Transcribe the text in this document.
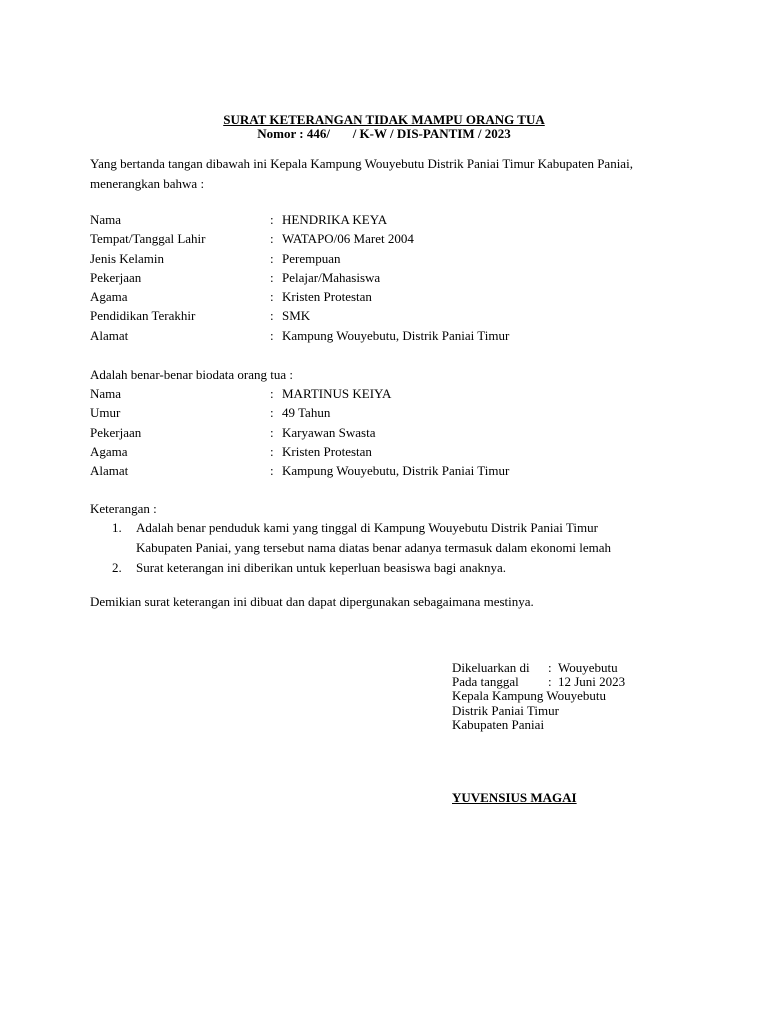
SURAT KETERANGAN TIDAK MAMPU ORANG TUA
Nomor : 446/       / K-W / DIS-PANTIM / 2023
Yang bertanda tangan dibawah ini Kepala Kampung Wouyebutu Distrik Paniai Timur Kabupaten Paniai,
menerangkan bahwa :
Nama	: HENDRIKA KEYA
Tempat/Tanggal Lahir	: WATAPO/06 Maret 2004
Jenis Kelamin	: Perempuan
Pekerjaan	: Pelajar/Mahasiswa
Agama	: Kristen Protestan
Pendidikan Terakhir	: SMK
Alamat	: Kampung Wouyebutu, Distrik Paniai Timur
Adalah benar-benar biodata orang tua :
Nama	: MARTINUS KEIYA
Umur	: 49 Tahun
Pekerjaan	: Karyawan Swasta
Agama	: Kristen Protestan
Alamat	: Kampung Wouyebutu, Distrik Paniai Timur
Keterangan :
1.	Adalah benar penduduk kami yang tinggal di Kampung Wouyebutu Distrik Paniai Timur
Kabupaten Paniai, yang tersebut nama diatas benar adanya termasuk dalam ekonomi lemah
2.	Surat keterangan ini diberikan untuk keperluan beasiswa bagi anaknya.
Demikian surat keterangan ini dibuat dan dapat dipergunakan sebagaimana mestinya.
Dikeluarkan di	: Wouyebutu
Pada tanggal	: 12 Juni 2023
Kepala Kampung Wouyebutu
Distrik Paniai Timur
Kabupaten Paniai
YUVENSIUS MAGAI
